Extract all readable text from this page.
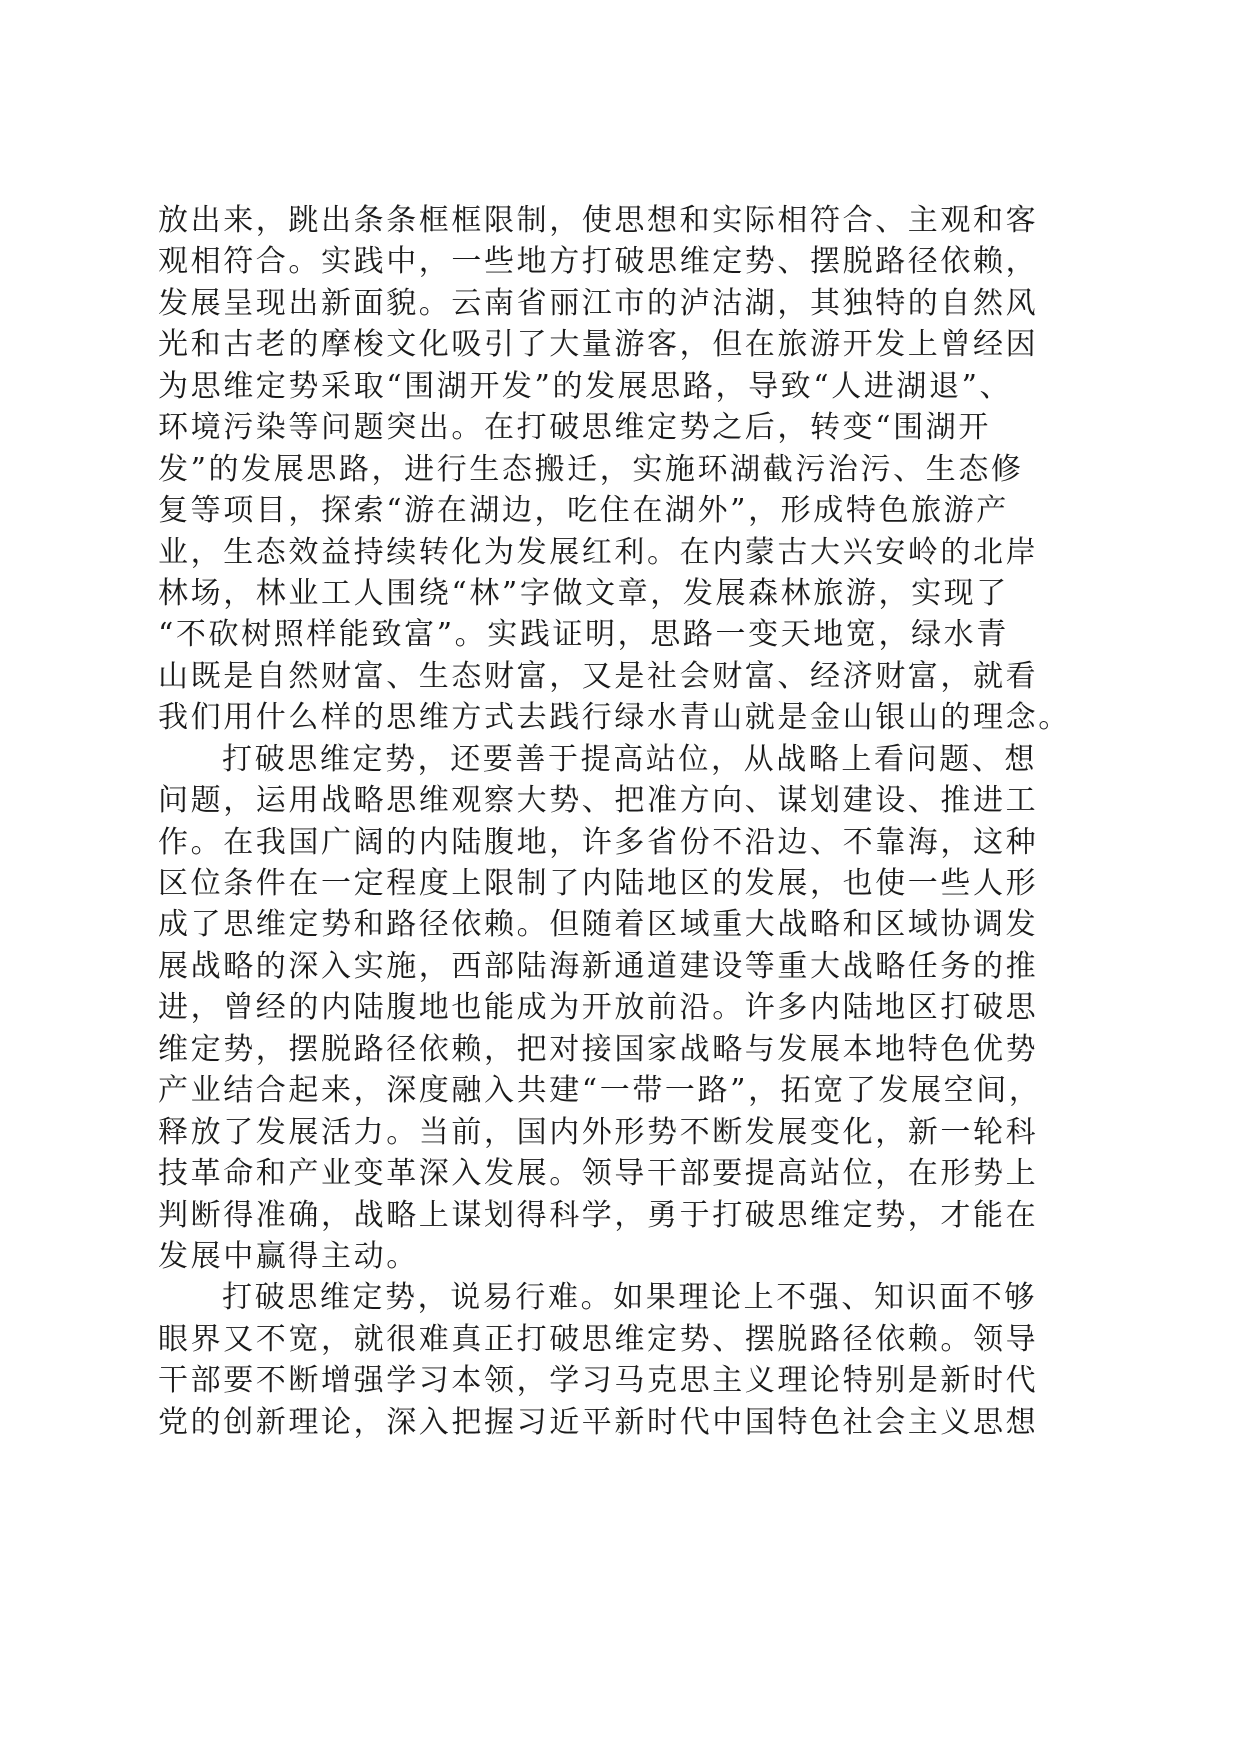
放出来，跳出条条框框限制，使思想和实际相符合、主观和客
观相符合。实践中，一些地方打破思维定势、摆脱路径依赖，
发展呈现出新面貌。云南省丽江市的泸沽湖，其独特的自然风
光和古老的摩梭文化吸引了大量游客，但在旅游开发上曾经因
为思维定势采取“围湖开发”的发展思路，导致“人进湖退”、
环境污染等问题突出。在打破思维定势之后，转变“围湖开
发”的发展思路，进行生态搬迁，实施环湖截污治污、生态修
复等项目，探索“游在湖边，吃住在湖外”，形成特色旅游产
业，生态效益持续转化为发展红利。在内蒙古大兴安岭的北岸
林场，林业工人围绕“林”字做文章，发展森林旅游，实现了
“不砍树照样能致富”。实践证明，思路一变天地宽，绿水青
山既是自然财富、生态财富，又是社会财富、经济财富，就看
我们用什么样的思维方式去践行绿水青山就是金山银山的理念。
打破思维定势，还要善于提高站位，从战略上看问题、想
问题，运用战略思维观察大势、把准方向、谋划建设、推进工
作。在我国广阔的内陆腹地，许多省份不沿边、不靠海，这种
区位条件在一定程度上限制了内陆地区的发展，也使一些人形
成了思维定势和路径依赖。但随着区域重大战略和区域协调发
展战略的深入实施，西部陆海新通道建设等重大战略任务的推
进，曾经的内陆腹地也能成为开放前沿。许多内陆地区打破思
维定势，摆脱路径依赖，把对接国家战略与发展本地特色优势
产业结合起来，深度融入共建“一带一路”，拓宽了发展空间，
释放了发展活力。当前，国内外形势不断发展变化，新一轮科
技革命和产业变革深入发展。领导干部要提高站位，在形势上
判断得准确，战略上谋划得科学，勇于打破思维定势，才能在
发展中赢得主动。
打破思维定势，说易行难。如果理论上不强、知识面不够
眼界又不宽，就很难真正打破思维定势、摆脱路径依赖。领导
干部要不断增强学习本领，学习马克思主义理论特别是新时代
党的创新理论，深入把握习近平新时代中国特色社会主义思想
